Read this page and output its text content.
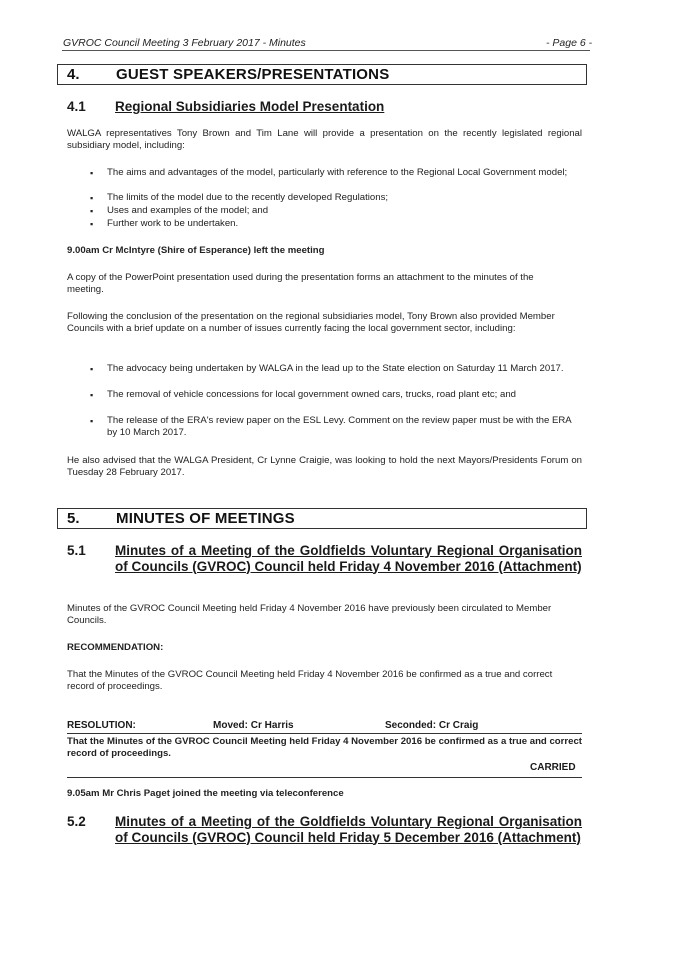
GVROC Council Meeting 3 February 2017 - Minutes	- Page 6 -
4. GUEST SPEAKERS/PRESENTATIONS
4.1 Regional Subsidiaries Model Presentation
WALGA representatives Tony Brown and Tim Lane will provide a presentation on the recently legislated regional subsidiary model, including:
▪ The aims and advantages of the model, particularly with reference to the Regional Local Government model;
▪ The limits of the model due to the recently developed Regulations;
▪ Uses and examples of the model; and
▪ Further work to be undertaken.
9.00am Cr McIntyre (Shire of Esperance) left the meeting
A copy of the PowerPoint presentation used during the presentation forms an attachment to the minutes of the meeting.
Following the conclusion of the presentation on the regional subsidiaries model, Tony Brown also provided Member Councils with a brief update on a number of issues currently facing the local government sector, including:
▪ The advocacy being undertaken by WALGA in the lead up to the State election on Saturday 11 March 2017.
▪ The removal of vehicle concessions for local government owned cars, trucks, road plant etc; and
▪ The release of the ERA's review paper on the ESL Levy. Comment on the review paper must be with the ERA by 10 March 2017.
He also advised that the WALGA President, Cr Lynne Craigie, was looking to hold the next Mayors/Presidents Forum on Tuesday 28 February 2017.
5. MINUTES OF MEETINGS
5.1 Minutes of a Meeting of the Goldfields Voluntary Regional Organisation of Councils (GVROC) Council held Friday 4 November 2016 (Attachment)
Minutes of the GVROC Council Meeting held Friday 4 November 2016 have previously been circulated to Member Councils.
RECOMMENDATION:
That the Minutes of the GVROC Council Meeting held Friday 4 November 2016 be confirmed as a true and correct record of proceedings.
RESOLUTION:	Moved: Cr Harris	Seconded: Cr Craig
That the Minutes of the GVROC Council Meeting held Friday 4 November 2016 be confirmed as a true and correct record of proceedings.
CARRIED
9.05am Mr Chris Paget joined the meeting via teleconference
5.2 Minutes of a Meeting of the Goldfields Voluntary Regional Organisation of Councils (GVROC) Council held Friday 5 December 2016 (Attachment)
